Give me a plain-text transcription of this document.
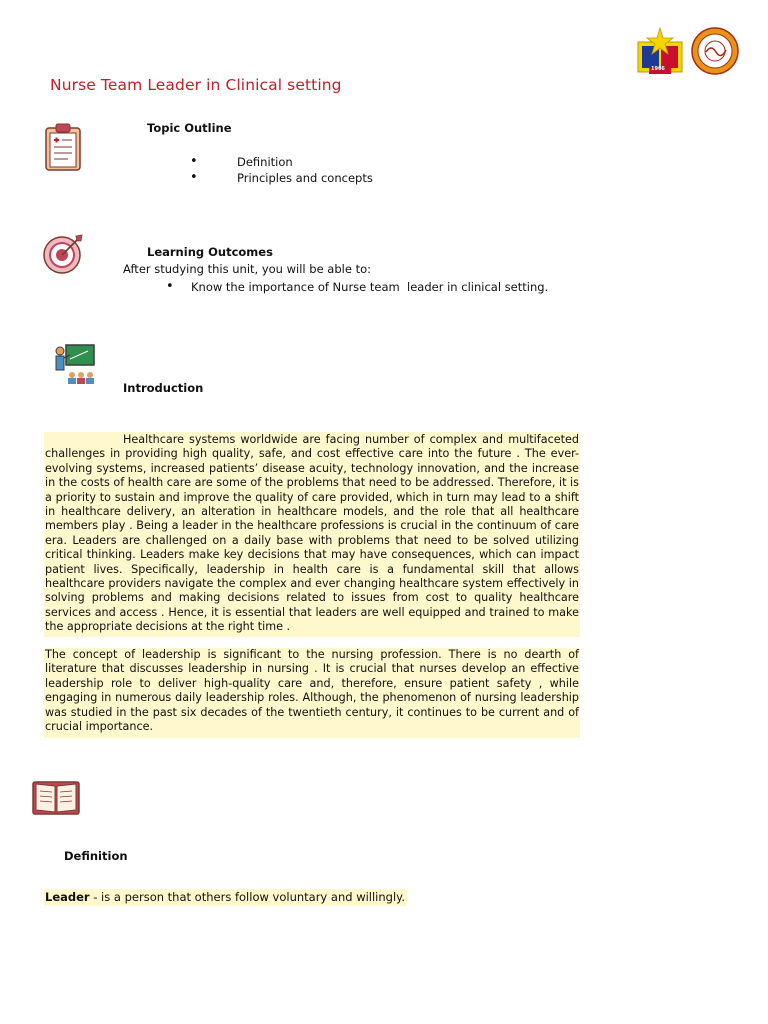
1966
Nurse Team Leader in Clinical setting
Topic Outline
•	Definition
•	Principles and concepts
Learning Outcomes
After studying this unit, you will be able to:
• Know the importance of Nurse team  leader in clinical setting.
Introduction
Healthcare systems worldwide are facing number of complex and multifaceted challenges in providing high quality, safe, and cost effective care into the future . The ever-evolving systems, increased patients’ disease acuity, technology innovation, and the increase in the costs of health care are some of the problems that need to be addressed. Therefore, it is a priority to sustain and improve the quality of care provided, which in turn may lead to a shift in healthcare delivery, an alteration in healthcare models, and the role that all healthcare members play . Being a leader in the healthcare professions is crucial in the continuum of care era. Leaders are challenged on a daily base with problems that need to be solved utilizing critical thinking. Leaders make key decisions that may have consequences, which can impact patient lives. Specifically, leadership in health care is a fundamental skill that allows healthcare providers navigate the complex and ever changing healthcare system effectively in solving problems and making decisions related to issues from cost to quality healthcare services and access . Hence, it is essential that leaders are well equipped and trained to make the appropriate decisions at the right time .
The concept of leadership is significant to the nursing profession. There is no dearth of literature that discusses leadership in nursing . It is crucial that nurses develop an effective leadership role to deliver high-quality care and, therefore, ensure patient safety , while engaging in numerous daily leadership roles. Although, the phenomenon of nursing leadership was studied in the past six decades of the twentieth century, it continues to be current and of crucial importance.
Definition
Leader - is a person that others follow voluntary and willingly.
